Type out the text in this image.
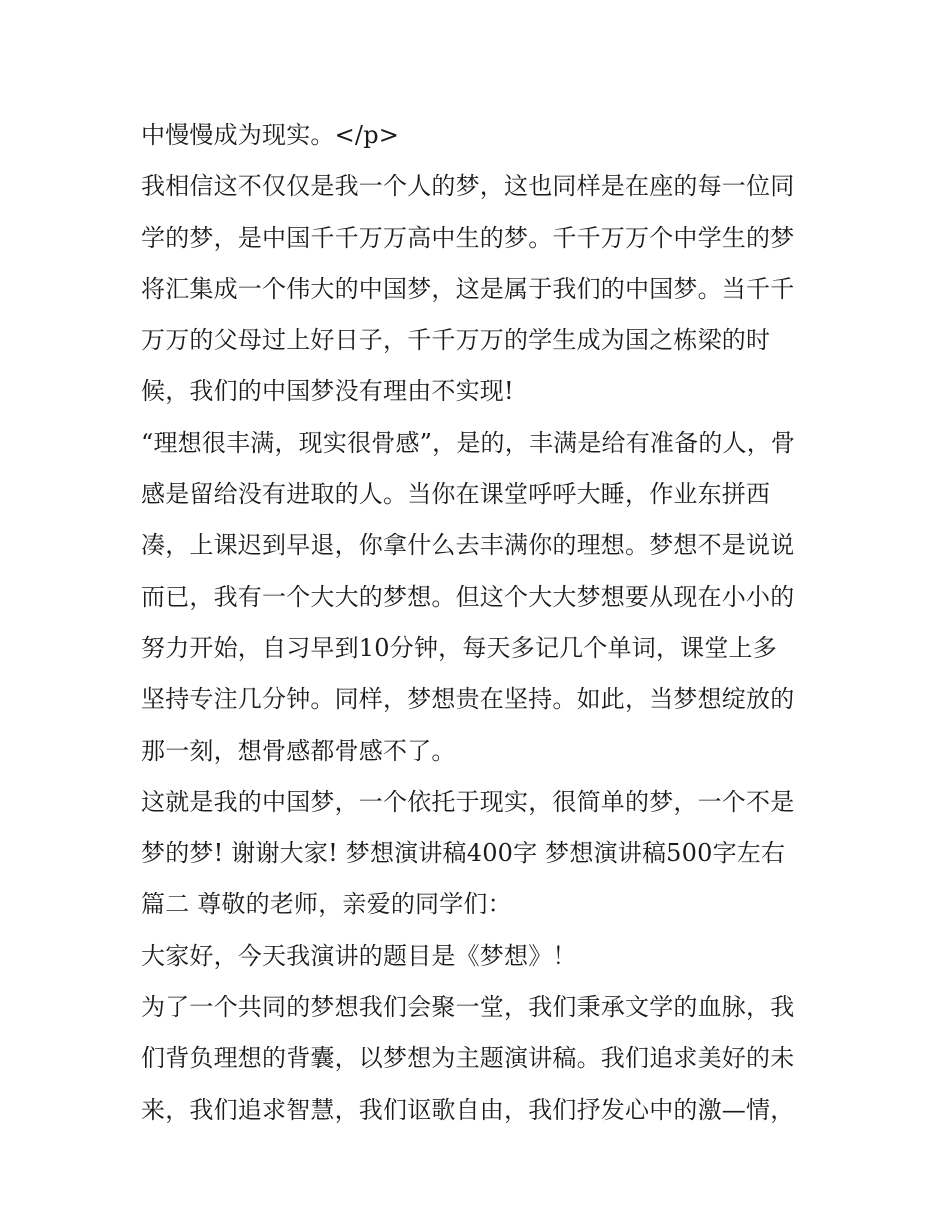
中慢慢成为现实。</p>
我相信这不仅仅是我一个人的梦，这也同样是在座的每一位同
学的梦，是中国千千万万高中生的梦。千千万万个中学生的梦
将汇集成一个伟大的中国梦，这是属于我们的中国梦。当千千
万万的父母过上好日子，千千万万的学生成为国之栋梁的时
候，我们的中国梦没有理由不实现!
“理想很丰满，现实很骨感”，是的，丰满是给有准备的人，骨
感是留给没有进取的人。当你在课堂呼呼大睡，作业东拼西
凑，上课迟到早退，你拿什么去丰满你的理想。梦想不是说说
而已，我有一个大大的梦想。但这个大大梦想要从现在小小的
努力开始，自习早到10分钟，每天多记几个单词，课堂上多
坚持专注几分钟。同样，梦想贵在坚持。如此，当梦想绽放的
那一刻，想骨感都骨感不了。
这就是我的中国梦，一个依托于现实，很简单的梦，一个不是
梦的梦! 谢谢大家! 梦想演讲稿400字 梦想演讲稿500字左右
篇二 尊敬的老师，亲爱的同学们：
大家好，今天我演讲的题目是《梦想》！
为了一个共同的梦想我们会聚一堂，我们秉承文学的血脉，我
们背负理想的背囊，以梦想为主题演讲稿。我们追求美好的未
来，我们追求智慧，我们讴歌自由，我们抒发心中的激—情，
